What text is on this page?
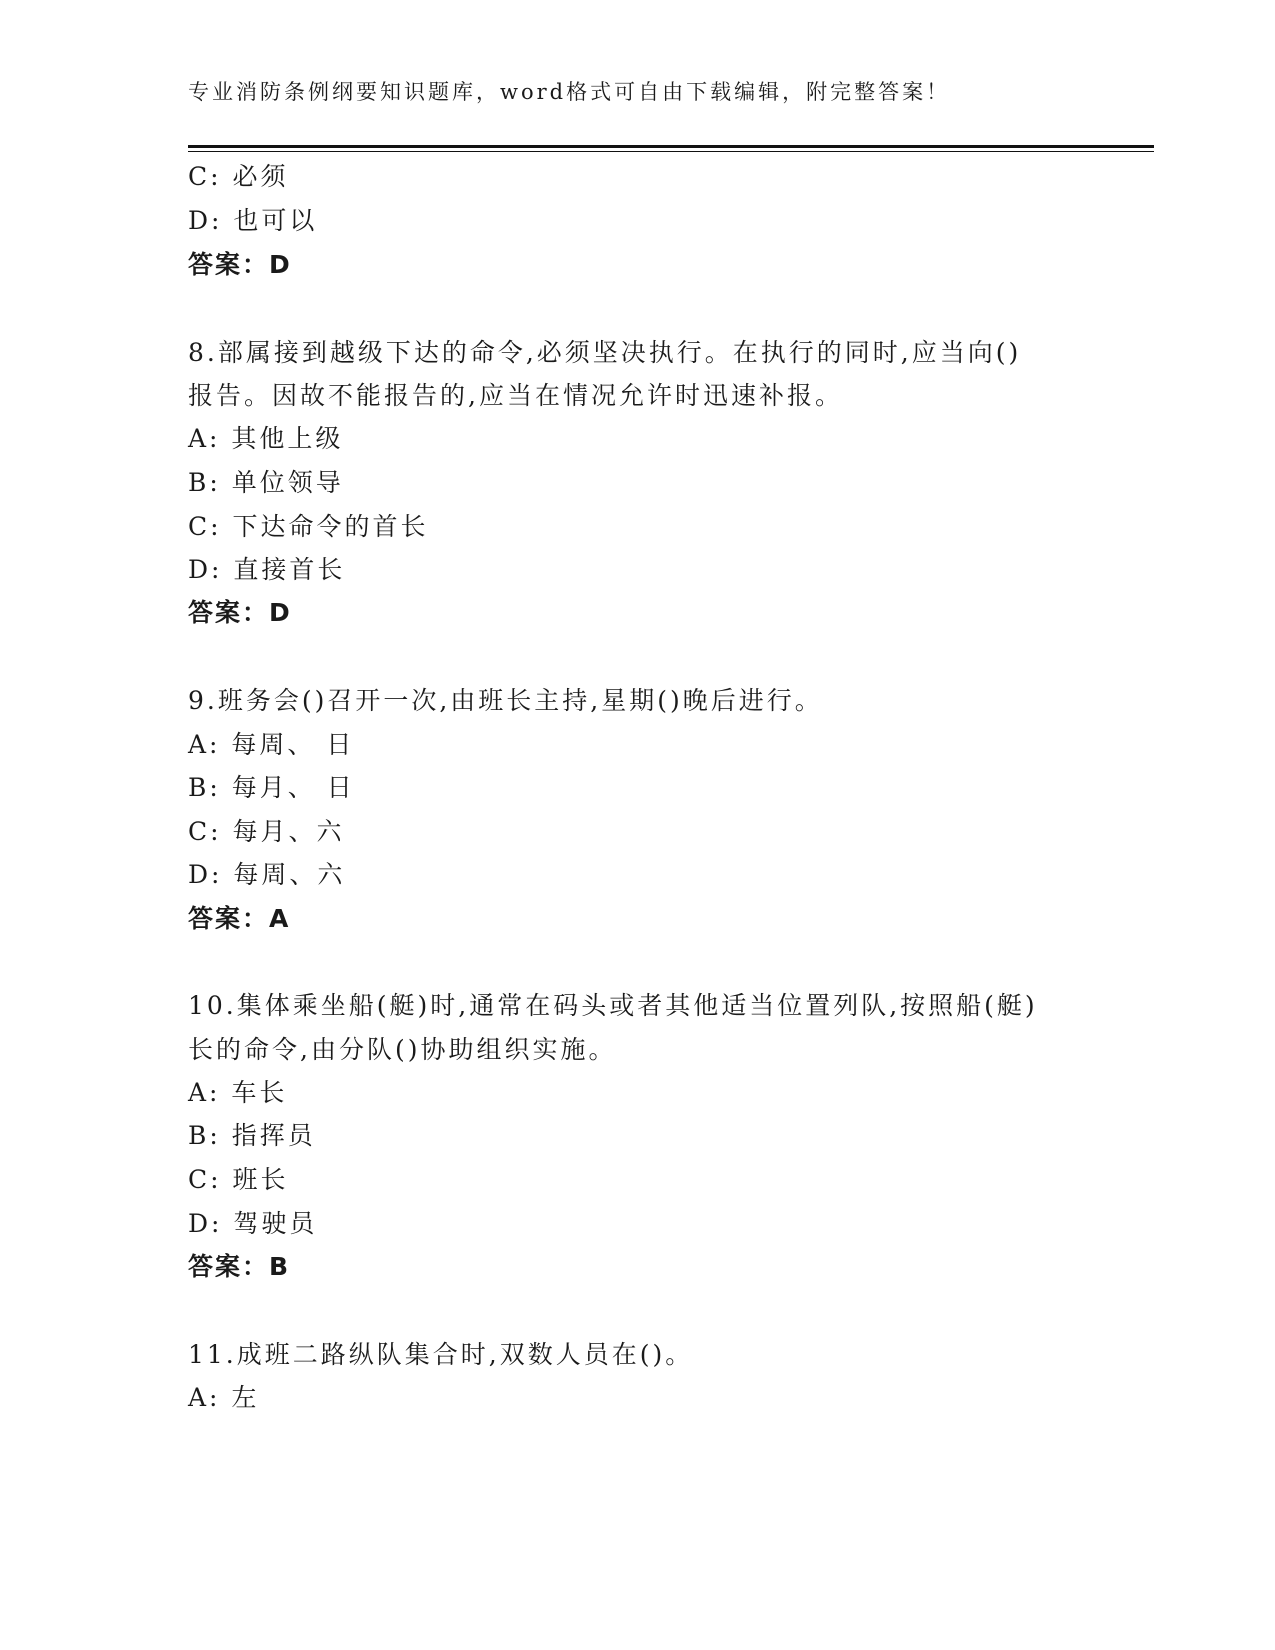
专业消防条例纲要知识题库，word格式可自由下载编辑，附完整答案！
C: 必须
D: 也可以
答案：D
8.部属接到越级下达的命令,必须坚决执行。在执行的同时,应当向()
报告。因故不能报告的,应当在情况允许时迅速补报。
A: 其他上级
B: 单位领导
C: 下达命令的首长
D: 直接首长
答案：D
9.班务会()召开一次,由班长主持,星期()晚后进行。
A: 每周、 日
B: 每月、 日
C: 每月、六
D: 每周、六
答案：A
10.集体乘坐船(艇)时,通常在码头或者其他适当位置列队,按照船(艇)
长的命令,由分队()协助组织实施。
A: 车长
B: 指挥员
C: 班长
D: 驾驶员
答案：B
11.成班二路纵队集合时,双数人员在()。
A: 左
